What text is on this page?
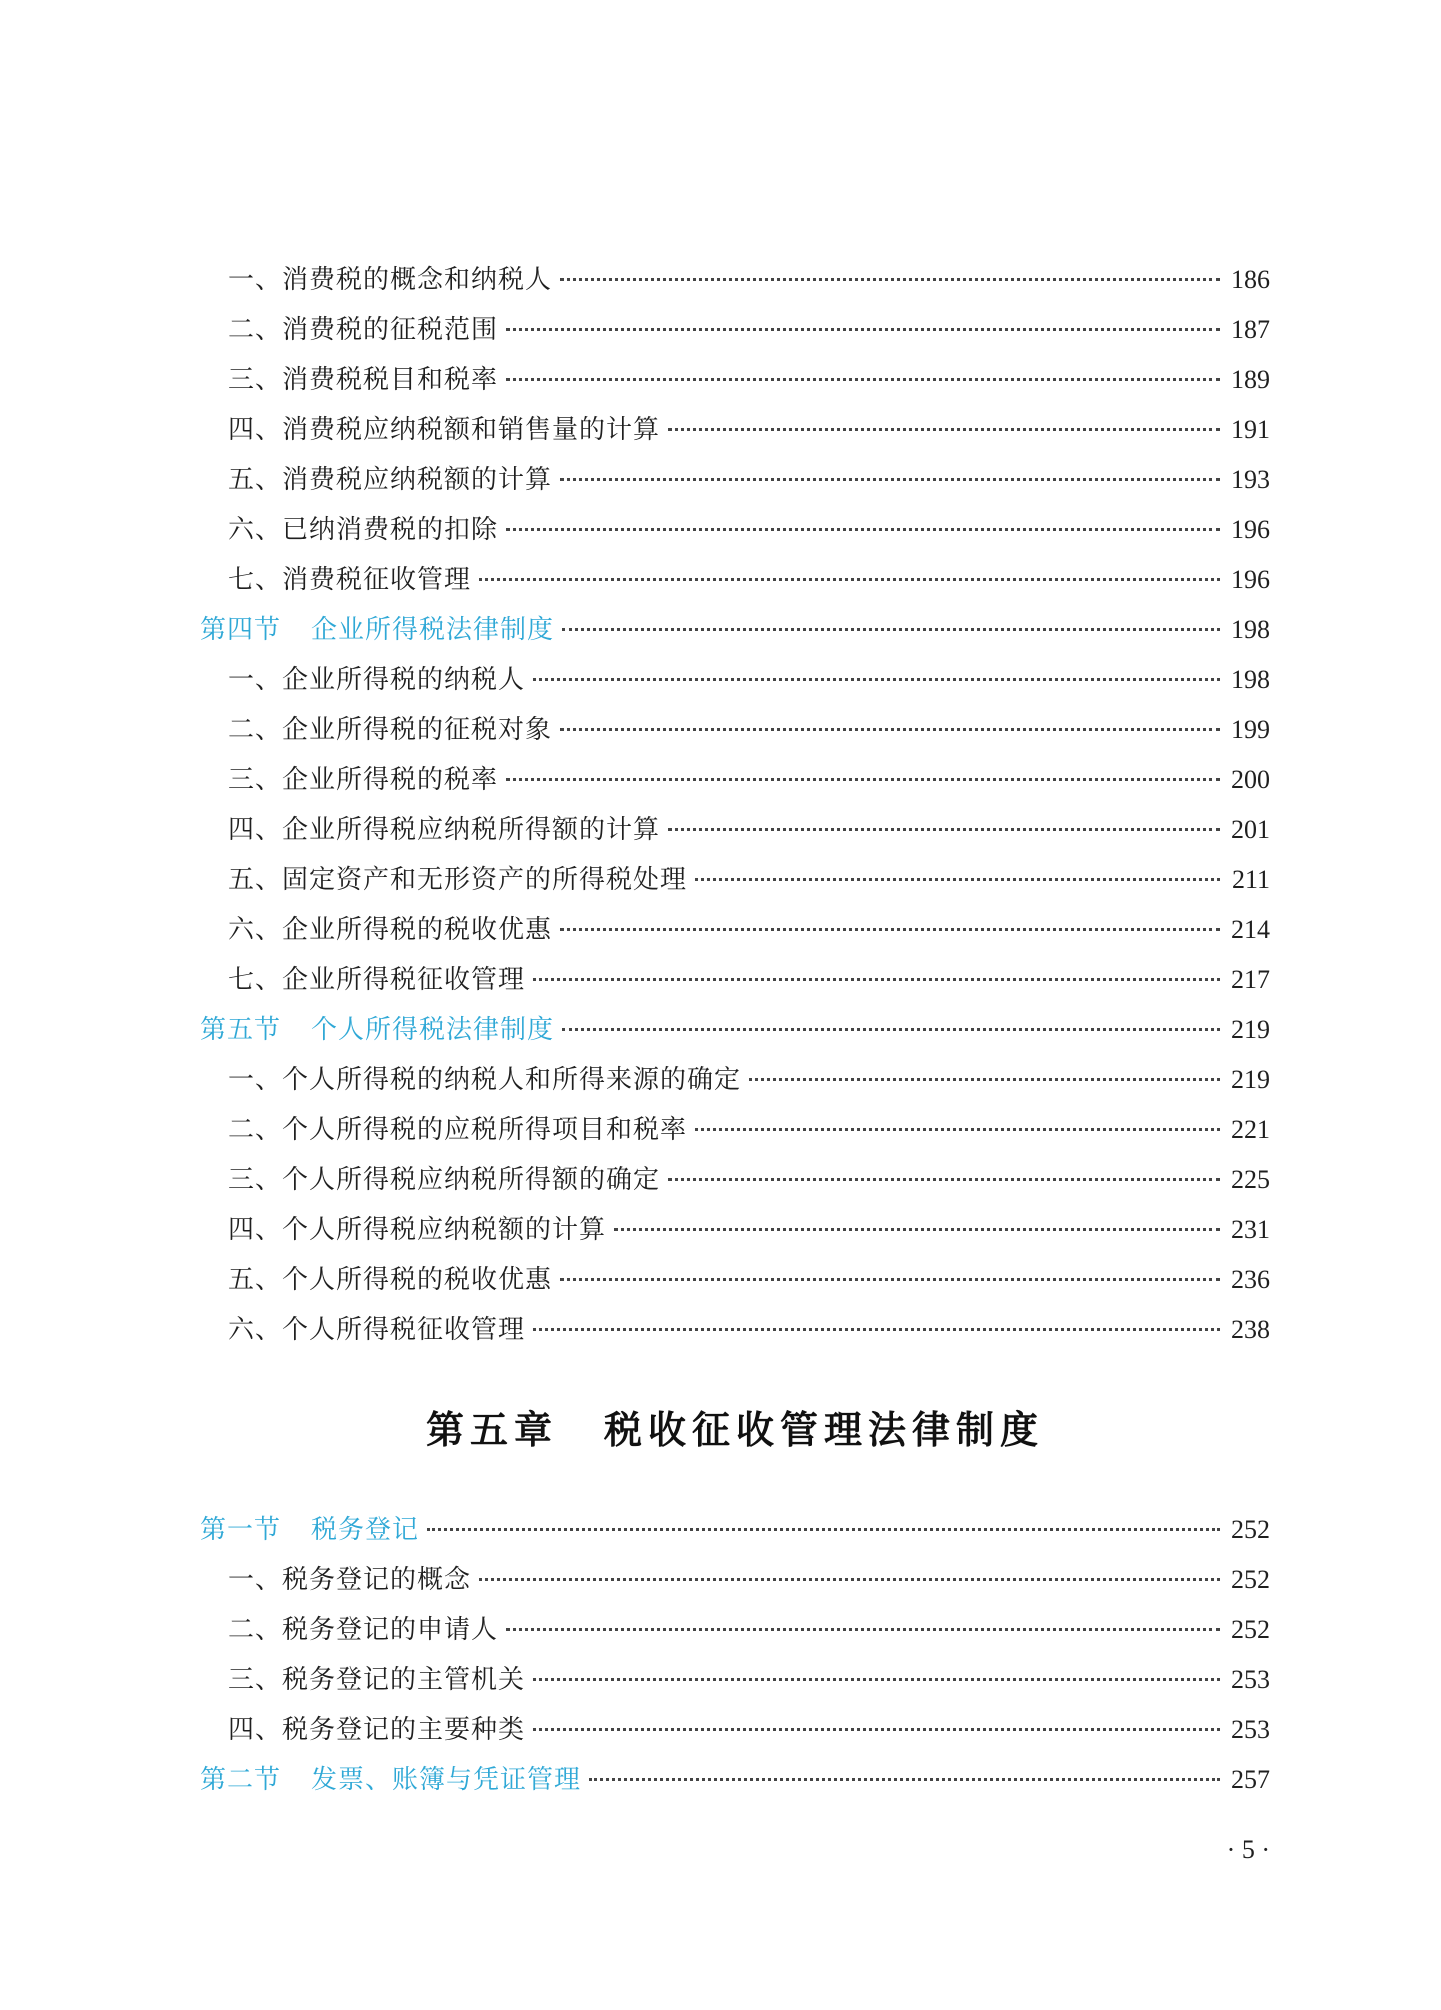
一、消费税的概念和纳税人	186
二、消费税的征税范围	187
三、消费税税目和税率	189
四、消费税应纳税额和销售量的计算	191
五、消费税应纳税额的计算	193
六、已纳消费税的扣除	196
七、消费税征收管理	196
第四节 企业所得税法律制度	198
一、企业所得税的纳税人	198
二、企业所得税的征税对象	199
三、企业所得税的税率	200
四、企业所得税应纳税所得额的计算	201
五、固定资产和无形资产的所得税处理	211
六、企业所得税的税收优惠	214
七、企业所得税征收管理	217
第五节 个人所得税法律制度	219
一、个人所得税的纳税人和所得来源的确定	219
二、个人所得税的应税所得项目和税率	221
三、个人所得税应纳税所得额的确定	225
四、个人所得税应纳税额的计算	231
五、个人所得税的税收优惠	236
六、个人所得税征收管理	238
第五章 税收征收管理法律制度
第一节 税务登记	252
一、税务登记的概念	252
二、税务登记的申请人	252
三、税务登记的主管机关	253
四、税务登记的主要种类	253
第二节 发票、账簿与凭证管理	257
· 5 ·
